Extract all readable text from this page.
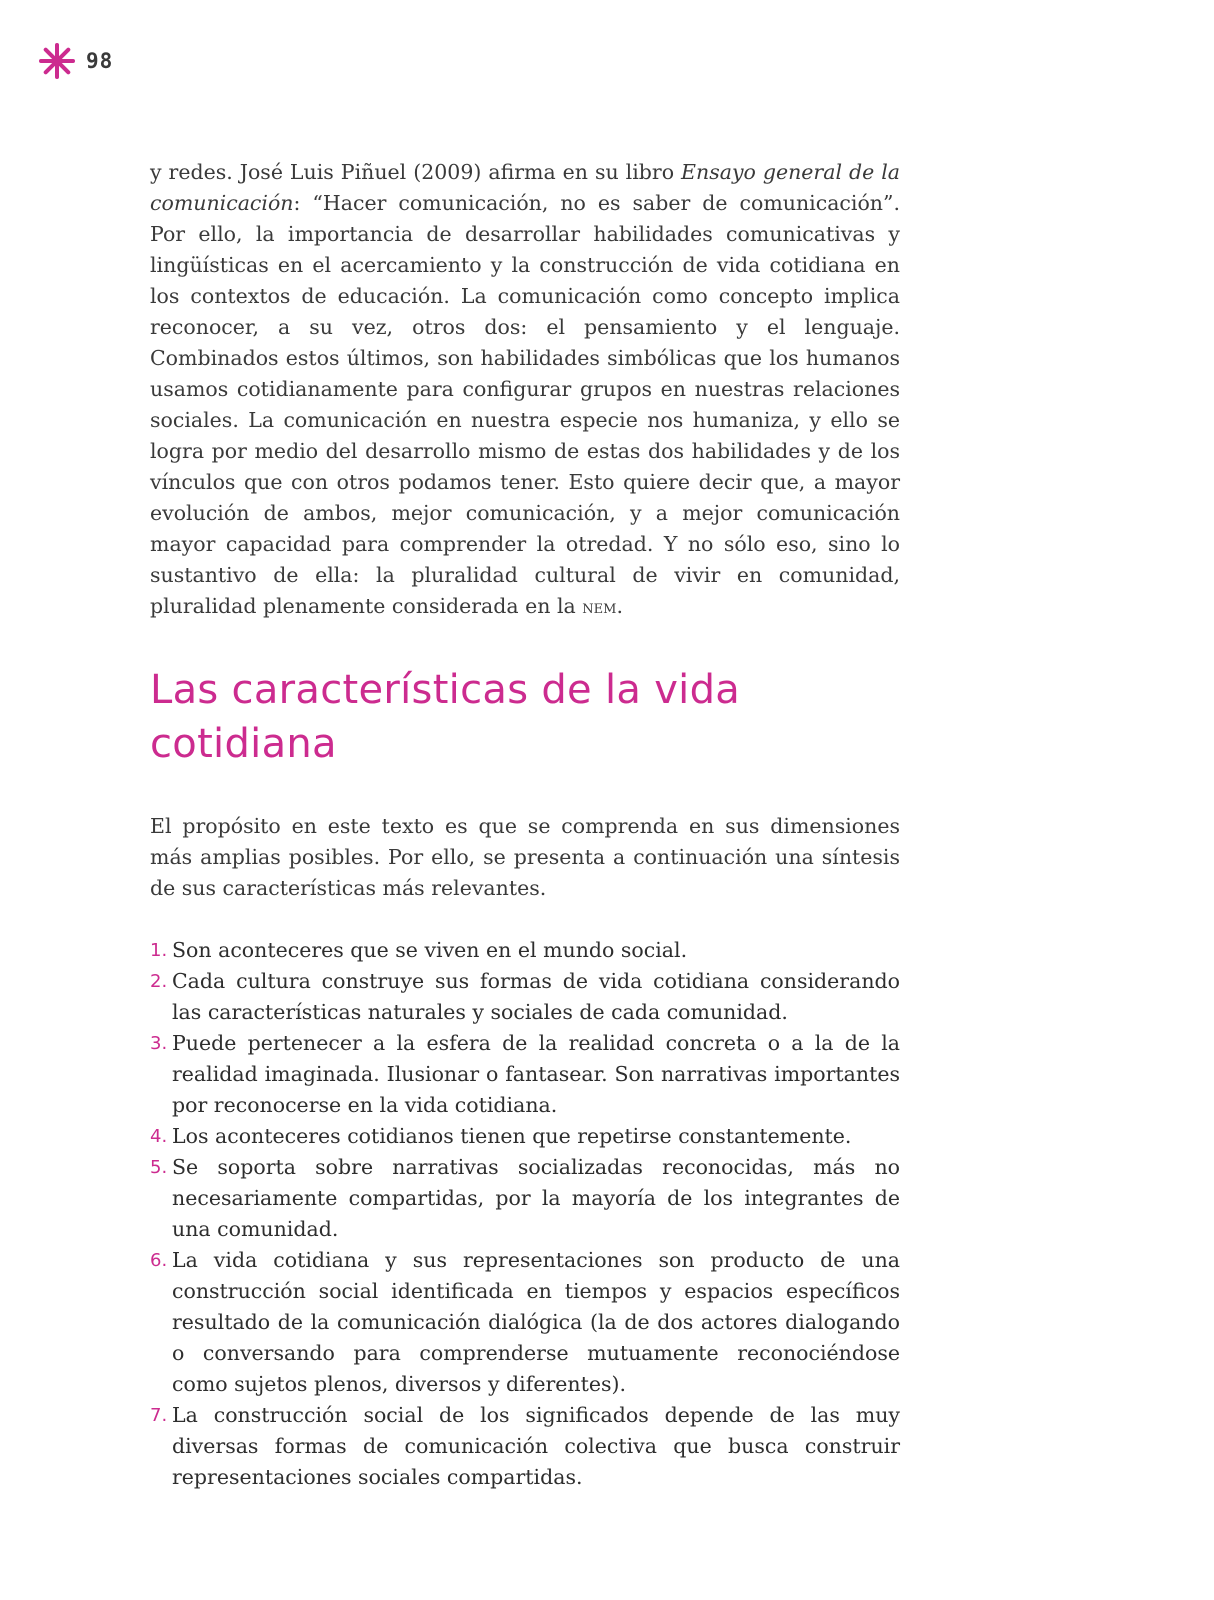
98

y redes. José Luis Piñuel (2009) afirma en su libro Ensayo general de la comunicación: “Hacer comunicación, no es saber de comunicación”. Por ello, la importancia de desarrollar habilidades comunicativas y lingüísticas en el acercamiento y la construcción de vida cotidiana en los contextos de educación. La comunicación como concepto implica reconocer, a su vez, otros dos: el pensamiento y el lenguaje. Combinados estos últimos, son habilidades simbólicas que los humanos usamos cotidianamente para configurar grupos en nuestras relaciones sociales. La comunicación en nuestra especie nos humaniza, y ello se logra por medio del desarrollo mismo de estas dos habilidades y de los vínculos que con otros podamos tener. Esto quiere decir que, a mayor evolución de ambos, mejor comunicación, y a mejor comunicación mayor capacidad para comprender la otredad. Y no sólo eso, sino lo sustantivo de ella: la pluralidad cultural de vivir en comunidad, pluralidad plenamente considerada en la nem.

Las características de la vida cotidiana

El propósito en este texto es que se comprenda en sus dimensiones más amplias posibles. Por ello, se presenta a continuación una síntesis de sus características más relevantes.

1. Son aconteceres que se viven en el mundo social.
2. Cada cultura construye sus formas de vida cotidiana considerando las características naturales y sociales de cada comunidad.
3. Puede pertenecer a la esfera de la realidad concreta o a la de la realidad imaginada. Ilusionar o fantasear. Son narrativas importantes por reconocerse en la vida cotidiana.
4. Los aconteceres cotidianos tienen que repetirse constantemente.
5. Se soporta sobre narrativas socializadas reconocidas, más no necesariamente compartidas, por la mayoría de los integrantes de una comunidad.
6. La vida cotidiana y sus representaciones son producto de una construcción social identificada en tiempos y espacios específicos resultado de la comunicación dialógica (la de dos actores dialogando o conversando para comprenderse mutuamente reconociéndose como sujetos plenos, diversos y diferentes).
7. La construcción social de los significados depende de las muy diversas formas de comunicación colectiva que busca construir representaciones sociales compartidas.
